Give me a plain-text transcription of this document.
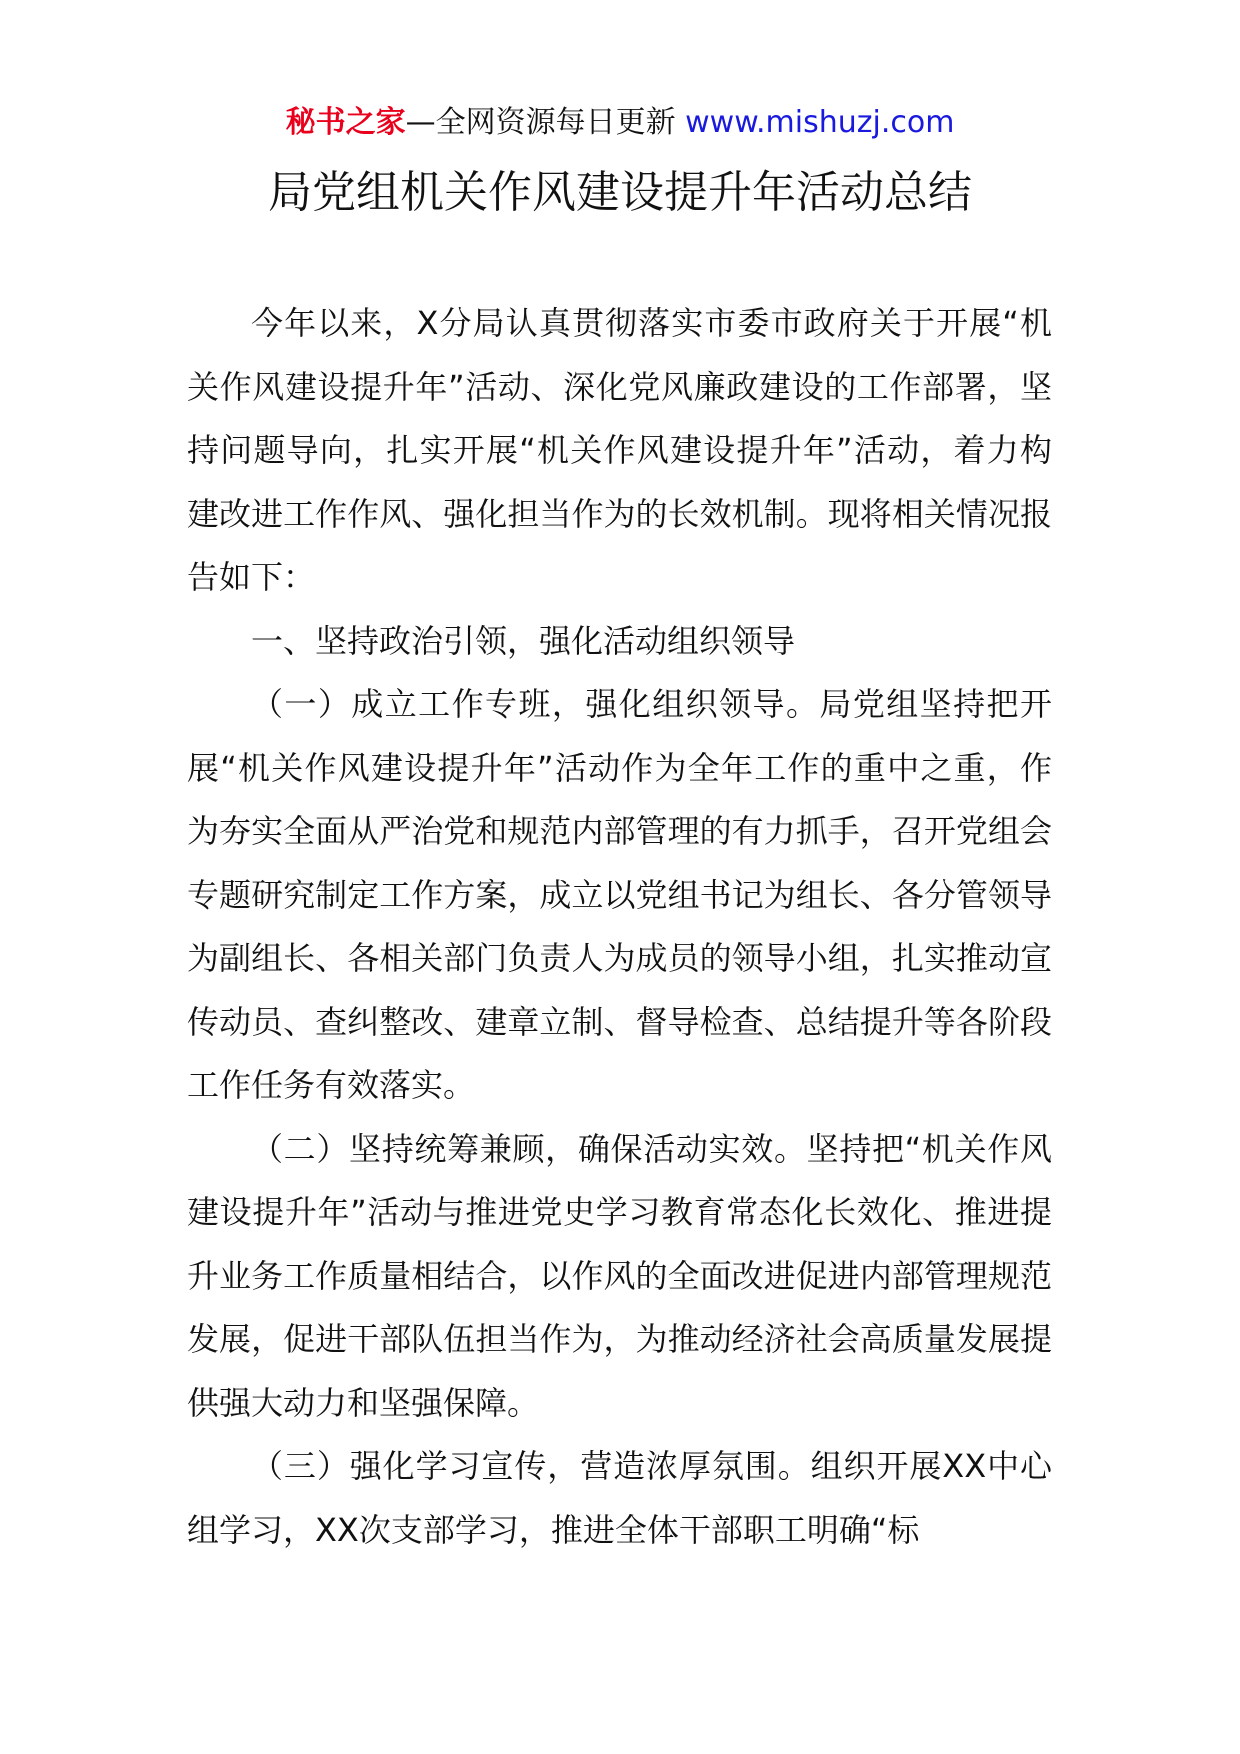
秘书之家—全网资源每日更新 www.mishuzj.com
局党组机关作风建设提升年活动总结

今年以来，X分局认真贯彻落实市委市政府关于开展“机关作风建设提升年”活动、深化党风廉政建设的工作部署，坚持问题导向，扎实开展“机关作风建设提升年”活动，着力构建改进工作作风、强化担当作为的长效机制。现将相关情况报告如下：

一、坚持政治引领，强化活动组织领导

（一）成立工作专班，强化组织领导。局党组坚持把开展“机关作风建设提升年”活动作为全年工作的重中之重，作为夯实全面从严治党和规范内部管理的有力抓手，召开党组会专题研究制定工作方案，成立以党组书记为组长、各分管领导为副组长、各相关部门负责人为成员的领导小组，扎实推动宣传动员、查纠整改、建章立制、督导检查、总结提升等各阶段工作任务有效落实。

（二）坚持统筹兼顾，确保活动实效。坚持把“机关作风建设提升年”活动与推进党史学习教育常态化长效化、推进提升业务工作质量相结合，以作风的全面改进促进内部管理规范发展，促进干部队伍担当作为，为推动经济社会高质量发展提供强大动力和坚强保障。

（三）强化学习宣传，营造浓厚氛围。组织开展XX中心组学习，XX次支部学习，推进全体干部职工明确“标
